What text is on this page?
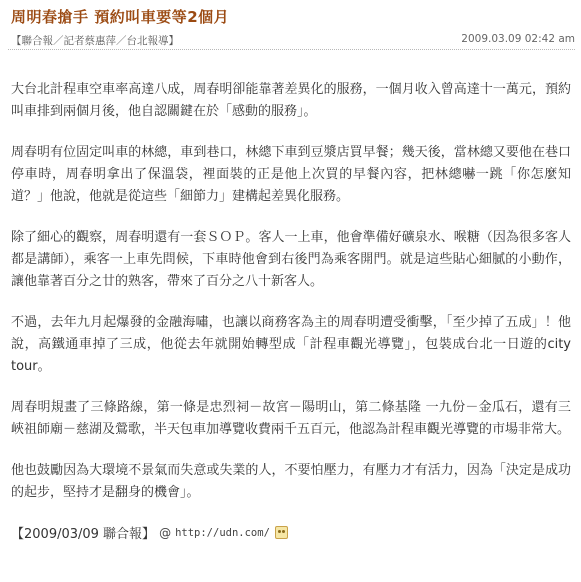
周明春搶手 預約叫車要等2個月
【聯合報／記者蔡惠萍／台北報導】	2009.03.09 02:42 am

大台北計程車空車率高達八成，周春明卻能靠著差異化的服務，一個月收入曾高達十一萬元，預約叫車排到兩個月後，他自認關鍵在於「感動的服務」。

周春明有位固定叫車的林總，車到巷口，林總下車到豆漿店買早餐；幾天後，當林總又要他在巷口停車時，周春明拿出了保溫袋，裡面裝的正是他上次買的早餐內容，把林總嚇一跳「你怎麼知道？」他說，他就是從這些「細節力」建構起差異化服務。

除了細心的觀察，周春明還有一套ＳＯＰ。客人一上車，他會準備好礦泉水、喉糖（因為很多客人都是講師），乘客一上車先問候，下車時他會到右後門為乘客開門。就是這些貼心細膩的小動作，讓他靠著百分之廿的熟客，帶來了百分之八十新客人。

不過，去年九月起爆發的金融海嘯，也讓以商務客為主的周春明遭受衝擊，「至少掉了五成」！他說，高鐵通車掉了三成，他從去年就開始轉型成「計程車觀光導覽」，包裝成台北一日遊的city tour。

周春明規畫了三條路線，第一條是忠烈祠－故宮－陽明山，第二條基隆 一九份－金瓜石，還有三峽祖師廟－慈湖及鶯歌，半天包車加導覽收費兩千五百元，他認為計程車觀光導覽的市場非常大。

他也鼓勵因為大環境不景氣而失意或失業的人，不要怕壓力，有壓力才有活力，因為「決定是成功的起步，堅持才是翻身的機會」。

【2009/03/09 聯合報】 @ http://udn.com/
